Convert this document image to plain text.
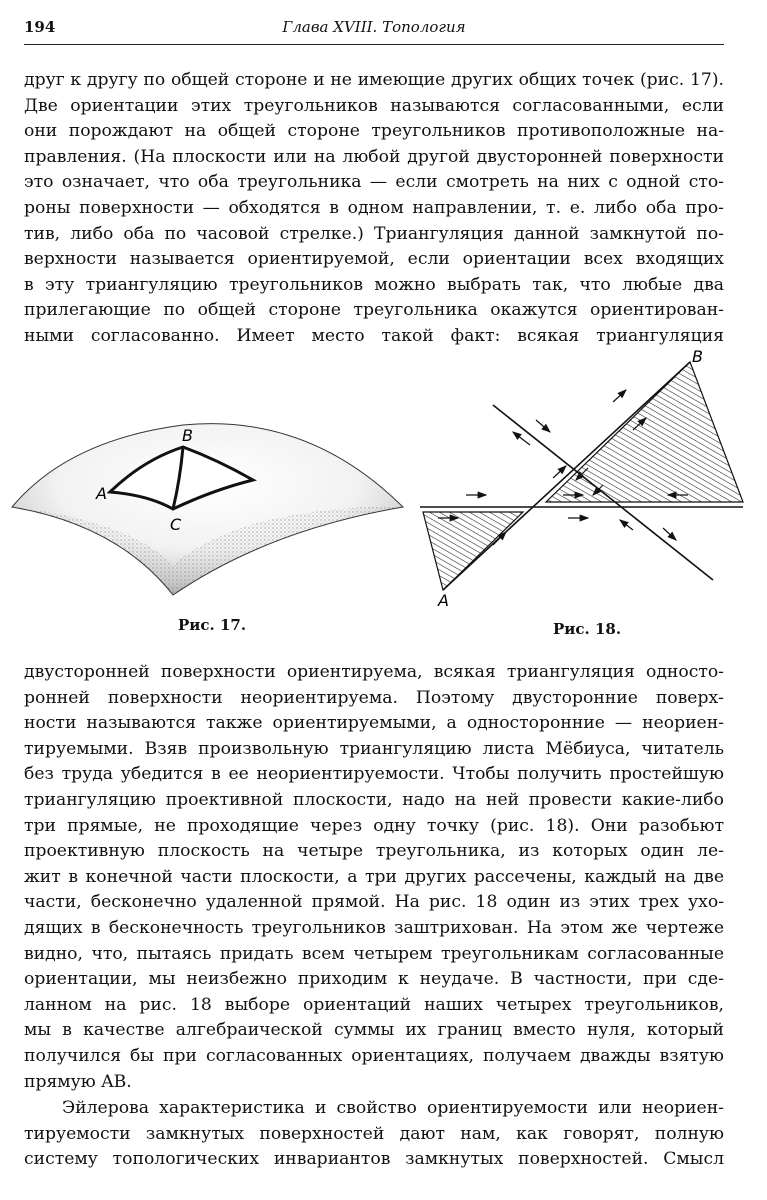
194	Глава XVIII. Топология
друг к другу по общей стороне и не имеющие других общих точек (рис. 17).
Две ориентации этих треугольников называются согласованными, если
они порождают на общей стороне треугольников противоположные на-
правления. (На плоскости или на любой другой двусторонней поверхности
это означает, что оба треугольника — если смотреть на них с одной сто-
роны поверхности — обходятся в одном направлении, т. е. либо оба про-
тив, либо оба по часовой стрелке.) Триангуляция данной замкнутой по-
верхности называется ориентируемой, если ориентации всех входящих
в эту триангуляцию треугольников можно выбрать так, что любые два
прилегающие по общей стороне треугольника окажутся ориентирован-
ными согласованно. Имеет место такой факт: всякая триангуляция
A
B
C
Рис. 17.
B
A
Рис. 18.
двусторонней поверхности ориентируема, всякая триангуляция односто-
ронней поверхности неориентируема. Поэтому двусторонние поверх-
ности называются также ориентируемыми, а односторонние — неориен-
тируемыми. Взяв произвольную триангуляцию листа Мёбиуса, читатель
без труда убедится в ее неориентируемости. Чтобы получить простейшую
триангуляцию проективной плоскости, надо на ней провести какие-либо
три прямые, не проходящие через одну точку (рис. 18). Они разобьют
проективную плоскость на четыре треугольника, из которых один ле-
жит в конечной части плоскости, а три других рассечены, каждый на две
части, бесконечно удаленной прямой. На рис. 18 один из этих трех ухо-
дящих в бесконечность треугольников заштрихован. На этом же чертеже
видно, что, пытаясь придать всем четырем треугольникам согласованные
ориентации, мы неизбежно приходим к неудаче. В частности, при сде-
ланном на рис. 18 выборе ориентаций наших четырех треугольников,
мы в качестве алгебраической суммы их границ вместо нуля, который
получился бы при согласованных ориентациях, получаем дважды взятую
прямую AB.
Эйлерова характеристика и свойство ориентируемости или неориен-
тируемости замкнутых поверхностей дают нам, как говорят, полную
систему топологических инвариантов замкнутых поверхностей. Смысл
